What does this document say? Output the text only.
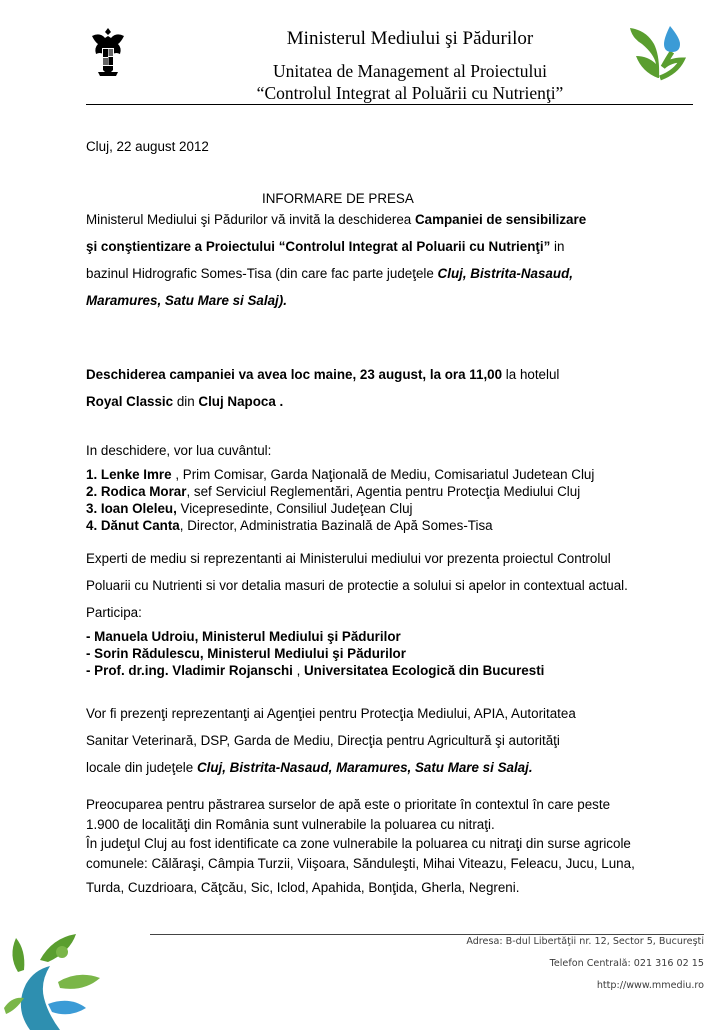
Ministerul Mediului şi Pădurilor
Unitatea de Management al Proiectului
“Controlul Integrat al Poluării cu Nutrienţi”
Cluj, 22 august 2012
INFORMARE DE PRESA
Ministerul Mediului şi Pădurilor vă invită la deschiderea Campaniei de sensibilizare
şi conştientizare a Proiectului “Controlul Integrat al Poluarii cu Nutrienţi” in
bazinul Hidrografic Somes-Tisa (din care fac parte judeţele Cluj, Bistrita-Nasaud,
Maramures, Satu Mare si Salaj).
Deschiderea campaniei va avea loc maine, 23 august, la ora 11,00 la hotelul
Royal Classic din Cluj Napoca .
In deschidere, vor lua cuvântul:
1. Lenke Imre , Prim Comisar, Garda Naţională de Mediu, Comisariatul Judetean Cluj
2. Rodica Morar, sef Serviciul Reglementări, Agentia pentru Protecţia Mediului Cluj
3. Ioan Oleleu, Vicepresedinte, Consiliul Judeţean Cluj
4. Dănut Canta, Director, Administratia Bazinală de Apă Somes-Tisa
Experti de mediu si reprezentanti ai Ministerului mediului vor prezenta proiectul Controlul
Poluarii cu Nutrienti si vor detalia masuri de protectie a solului si apelor in contextual actual.
Participa:
- Manuela Udroiu, Ministerul Mediului şi Pădurilor
- Sorin Rădulescu, Ministerul Mediului şi Pădurilor
- Prof. dr.ing. Vladimir Rojanschi , Universitatea Ecologică din Bucuresti
Vor fi prezenţi reprezentanţi ai Agenţiei pentru Protecţia Mediului, APIA, Autoritatea
Sanitar Veterinară, DSP, Garda de Mediu, Direcţia pentru Agricultură şi autorităţi
locale din judeţele Cluj, Bistrita-Nasaud, Maramures, Satu Mare si Salaj.
Preocuparea pentru păstrarea surselor de apă este o prioritate în contextul în care peste
1.900 de localităţi din România sunt vulnerabile la poluarea cu nitraţi.
În judeţul Cluj au fost identificate ca zone vulnerabile la poluarea cu nitraţi din surse agricole
comunele: Călăraşi, Câmpia Turzii, Viişoara, Sănduleşti, Mihai Viteazu, Feleacu, Jucu, Luna,
Turda, Cuzdrioara, Căţcău, Sic, Iclod, Apahida, Bonţida, Gherla, Negreni.
Adresa: B-dul Libertăţii nr. 12, Sector 5, Bucureşti
Telefon Centrală: 021 316 02 15
http://www.mmediu.ro
